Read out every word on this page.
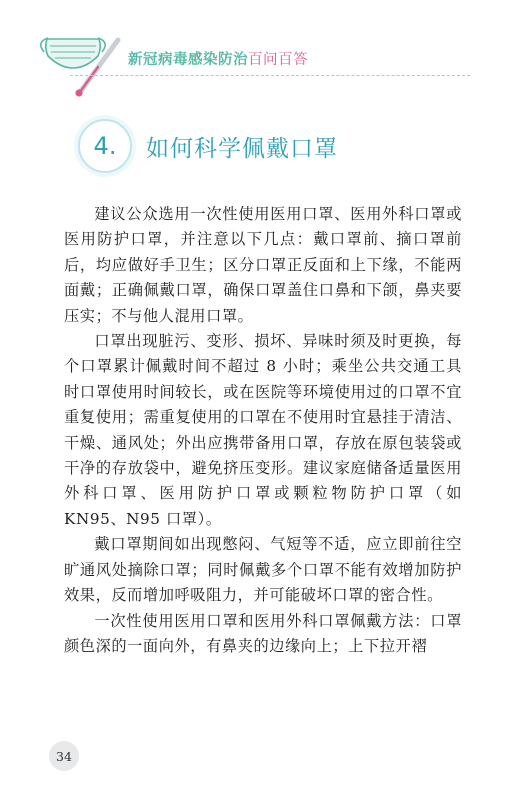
新冠病毒感染防治百问百答
4.	如何科学佩戴口罩

建议公众选用一次性使用医用口罩、医用外科口罩或医用防护口罩，并注意以下几点：戴口罩前、摘口罩前后，均应做好手卫生；区分口罩正反面和上下缘，不能两面戴；正确佩戴口罩，确保口罩盖住口鼻和下颌，鼻夹要压实；不与他人混用口罩。

口罩出现脏污、变形、损坏、异味时须及时更换，每个口罩累计佩戴时间不超过 8 小时；乘坐公共交通工具时口罩使用时间较长，或在医院等环境使用过的口罩不宜重复使用；需重复使用的口罩在不使用时宜悬挂于清洁、干燥、通风处；外出应携带备用口罩，存放在原包装袋或干净的存放袋中，避免挤压变形。建议家庭储备适量医用外科口罩、医用防护口罩或颗粒物防护口罩（如 KN95、N95 口罩）。

戴口罩期间如出现憋闷、气短等不适，应立即前往空旷通风处摘除口罩；同时佩戴多个口罩不能有效增加防护效果，反而增加呼吸阻力，并可能破坏口罩的密合性。

一次性使用医用口罩和医用外科口罩佩戴方法：口罩颜色深的一面向外，有鼻夹的边缘向上；上下拉开褶

34
